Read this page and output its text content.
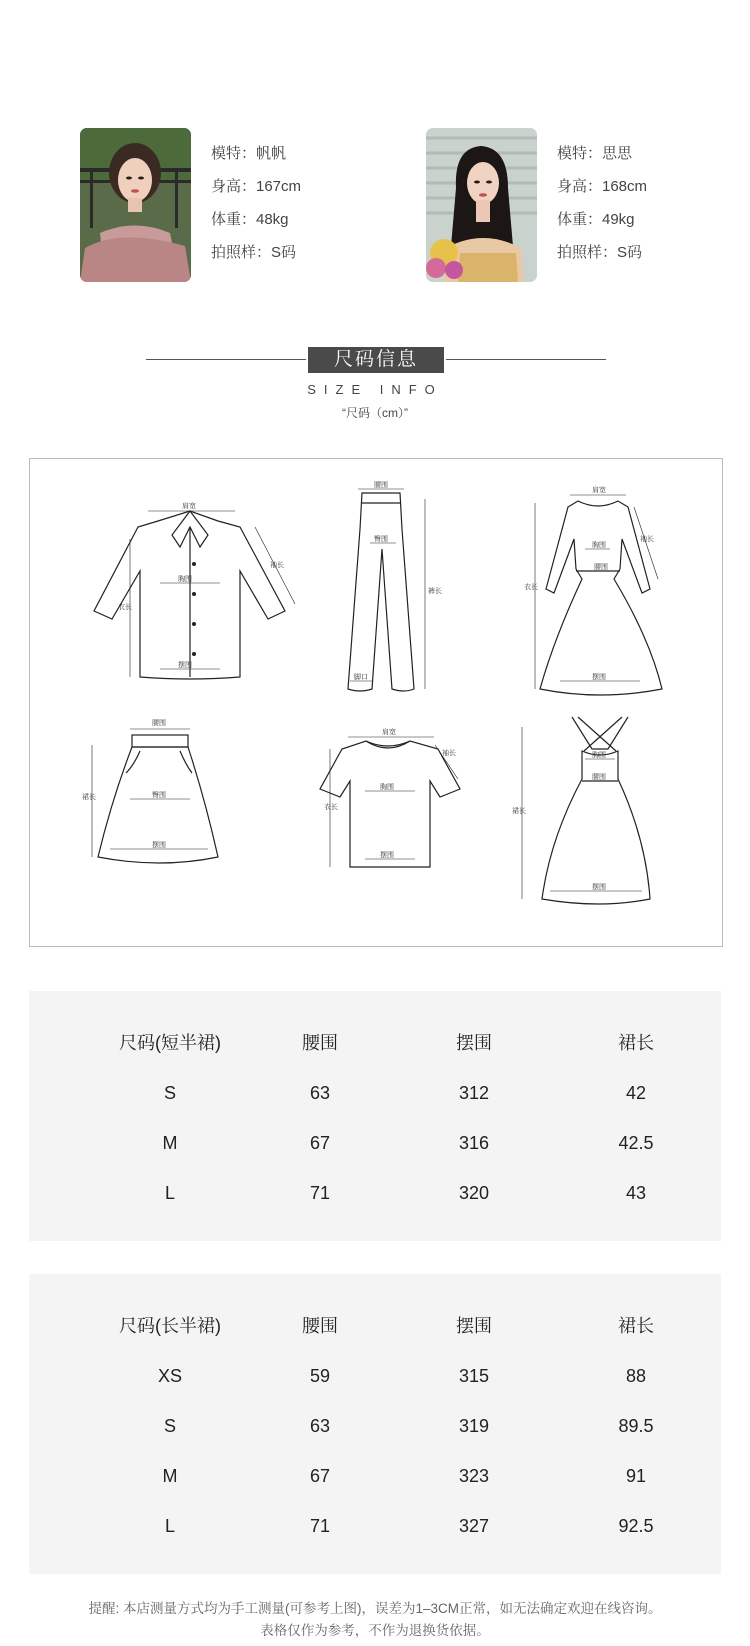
模特：帆帆
身高：167cm
体重：48kg
拍照样：S码
模特：思思
身高：168cm
体重：49kg
拍照样：S码
尺码信息
SIZE INFO
“尺码（cm）”
肩宽
袖长
胸围
衣长
摆围
腰围
臀围
裤长
脚口
肩宽
胸围
腰围
袖长
衣长
摆围
腰围
裙长	臀围
摆围
肩宽
袖长
胸围
衣长
摆围
胸围
腰围
裙长
摆围
尺码(短半裙)	腰围	摆围	裙长
S	63	312	42
M	67	316	42.5
L	71	320	43
尺码(长半裙)	腰围	摆围	裙长
XS	59	315	88
S	63	319	89.5
M	67	323	91
L	71	327	92.5
提醒: 本店测量方式均为手工测量(可参考上图)，误差为1–3CM正常，如无法确定欢迎在线咨询。
表格仅作为参考，不作为退换货依据。
